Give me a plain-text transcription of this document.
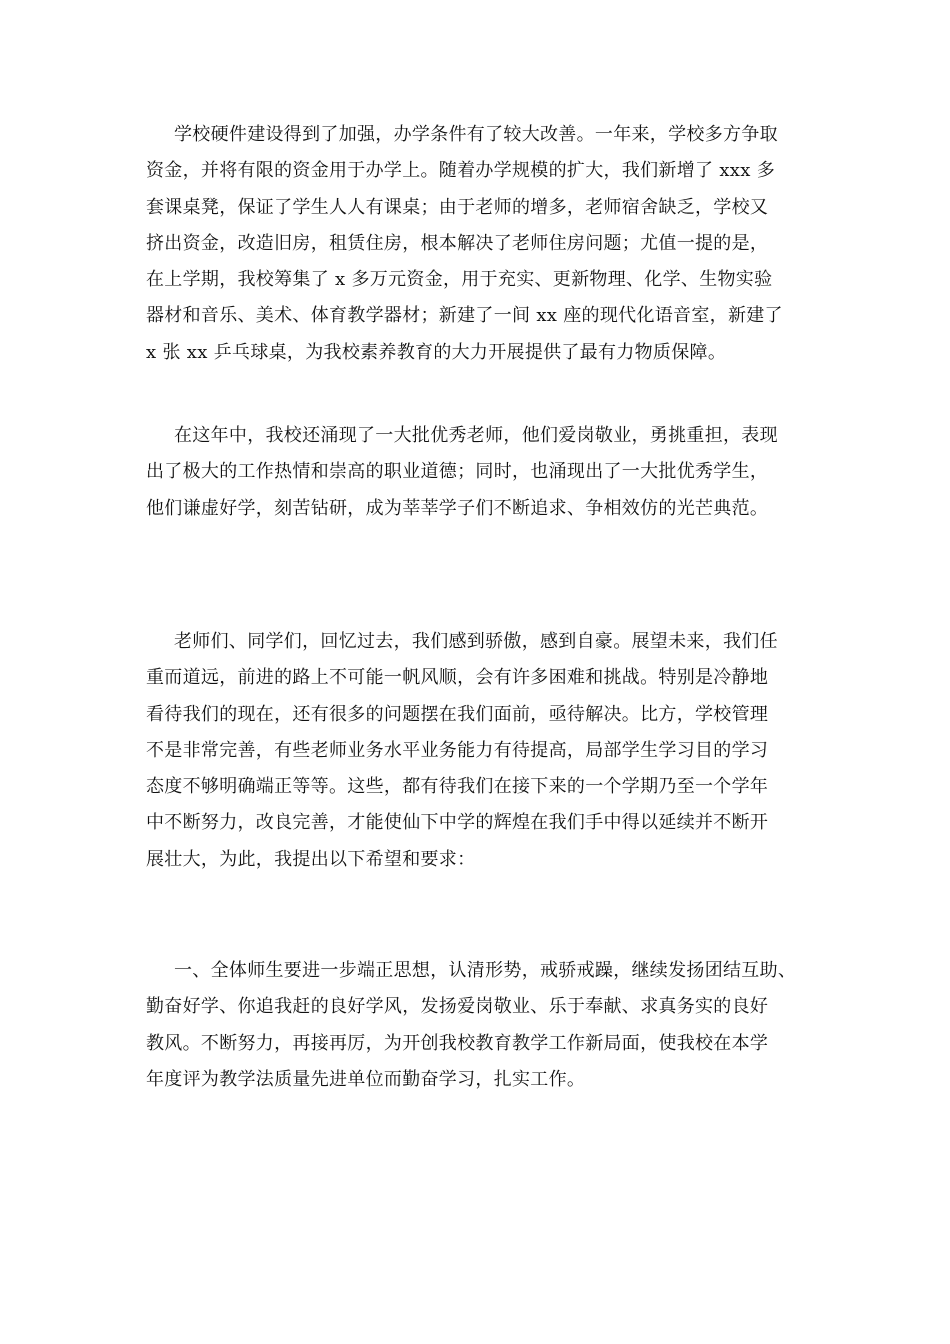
学校硬件建设得到了加强，办学条件有了较大改善。一年来，学校多方争取
资金，并将有限的资金用于办学上。随着办学规模的扩大，我们新增了 xxx 多
套课桌凳，保证了学生人人有课桌；由于老师的增多，老师宿舍缺乏，学校又
挤出资金，改造旧房，租赁住房，根本解决了老师住房问题；尤值一提的是，
在上学期，我校筹集了 x 多万元资金，用于充实、更新物理、化学、生物实验
器材和音乐、美术、体育教学器材；新建了一间 xx 座的现代化语音室，新建了
x 张 xx 乒乓球桌，为我校素养教育的大力开展提供了最有力物质保障。

在这年中，我校还涌现了一大批优秀老师，他们爱岗敬业，勇挑重担，表现
出了极大的工作热情和崇高的职业道德；同时，也涌现出了一大批优秀学生，
他们谦虚好学，刻苦钻研，成为莘莘学子们不断追求、争相效仿的光芒典范。

老师们、同学们，回忆过去，我们感到骄傲，感到自豪。展望未来，我们任
重而道远，前进的路上不可能一帆风顺，会有许多困难和挑战。特别是冷静地
看待我们的现在，还有很多的问题摆在我们面前，亟待解决。比方，学校管理
不是非常完善，有些老师业务水平业务能力有待提高，局部学生学习目的学习
态度不够明确端正等等。这些，都有待我们在接下来的一个学期乃至一个学年
中不断努力，改良完善，才能使仙下中学的辉煌在我们手中得以延续并不断开
展壮大，为此，我提出以下希望和要求：

一、全体师生要进一步端正思想，认清形势，戒骄戒躁，继续发扬团结互助、
勤奋好学、你追我赶的良好学风，发扬爱岗敬业、乐于奉献、求真务实的良好
教风。不断努力，再接再厉，为开创我校教育教学工作新局面，使我校在本学
年度评为教学法质量先进单位而勤奋学习，扎实工作。
